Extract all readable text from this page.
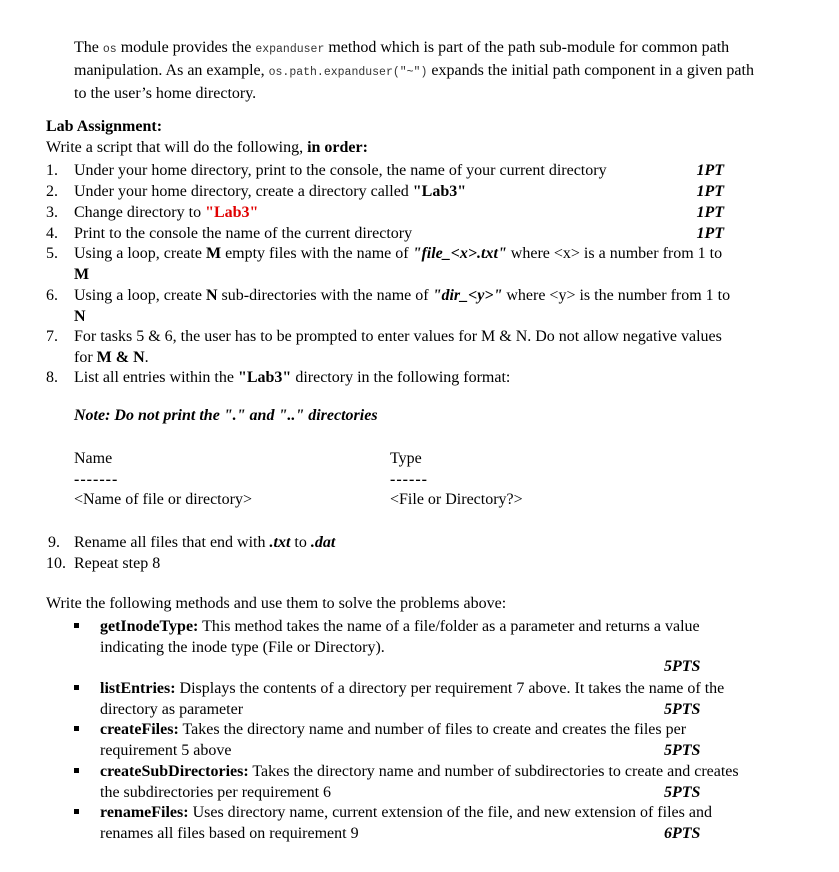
The os module provides the expanduser method which is part of the path sub-module for common path manipulation. As an example, os.path.expanduser("~") expands the initial path component in a given path to the user’s home directory.
Lab Assignment:
Write a script that will do the following, in order:
1. Under your home directory, print to the console, the name of your current directory	1PT
2. Under your home directory, create a directory called "Lab3"	1PT
3. Change directory to "Lab3"	1PT
4. Print to the console the name of the current directory	1PT
5. Using a loop, create M empty files with the name of "file_<x>.txt" where <x> is a number from 1 to M
6. Using a loop, create N sub-directories with the name of "dir_<y>" where <y> is the number from 1 to N
7. For tasks 5 & 6, the user has to be prompted to enter values for M & N. Do not allow negative values for M & N.
8. List all entries within the "Lab3" directory in the following format:
Note: Do not print the "." and ".." directories
Name	Type
-------	------
<Name of file or directory>	<File or Directory?>
9. Rename all files that end with .txt to .dat
10. Repeat step 8
Write the following methods and use them to solve the problems above:
getInodeType: This method takes the name of a file/folder as a parameter and returns a value indicating the inode type (File or Directory).
5PTS
listEntries: Displays the contents of a directory per requirement 7 above. It takes the name of the directory as parameter	5PTS
createFiles: Takes the directory name and number of files to create and creates the files per requirement 5 above	5PTS
createSubDirectories: Takes the directory name and number of subdirectories to create and creates the subdirectories per requirement 6	5PTS
renameFiles: Uses directory name, current extension of the file, and new extension of files and renames all files based on requirement 9	6PTS
